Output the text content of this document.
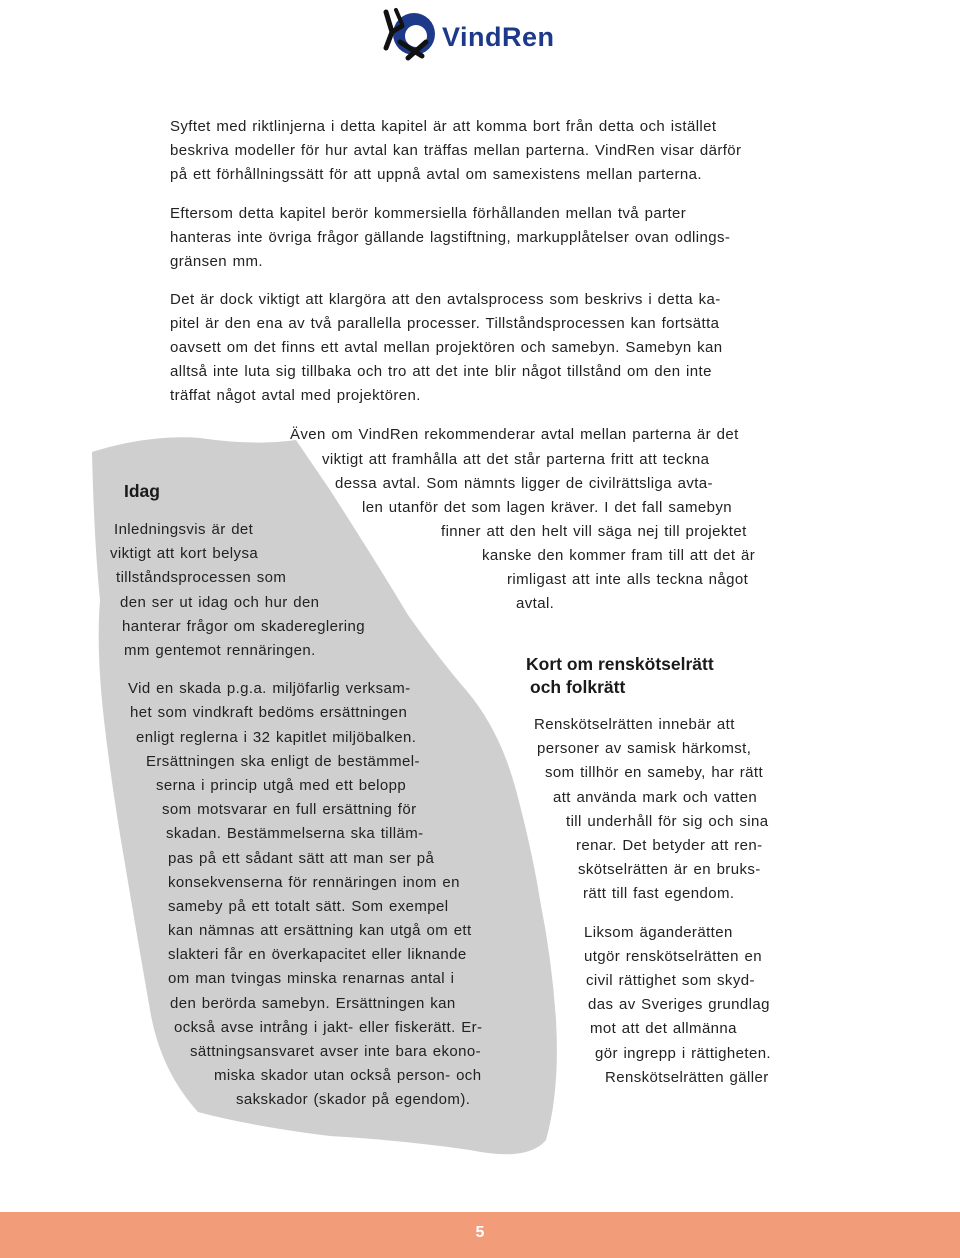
VindRen
Syftet med riktlinjerna i detta kapitel är att komma bort från detta och istället
beskriva modeller för hur avtal kan träffas mellan parterna. VindRen visar därför
på ett förhållningssätt för att uppnå avtal om samexistens mellan parterna.
Eftersom detta kapitel berör kommersiella förhållanden mellan två parter
hanteras inte övriga frågor gällande lagstiftning, markupplåtelser ovan odlings-
gränsen mm.
Det är dock viktigt att klargöra att den avtalsprocess som beskrivs i detta ka-
pitel är den ena av två parallella processer. Tillståndsprocessen kan fortsätta
oavsett om det finns ett avtal mellan projektören och samebyn. Samebyn kan
alltså inte luta sig tillbaka och tro att det inte blir något tillstånd om den inte
träffat något avtal med projektören.
Även om VindRen rekommenderar avtal mellan parterna är det
viktigt att framhålla att det står parterna fritt att teckna
dessa avtal. Som nämnts ligger de civilrättsliga avta-
len utanför det som lagen kräver. I det fall samebyn
finner att den helt vill säga nej till projektet
kanske den kommer fram till att det är
rimligast att inte alls teckna något
avtal.
Idag
Inledningsvis är det
viktigt att kort belysa
tillståndsprocessen som
den ser ut idag och hur den
hanterar frågor om skadereglering
mm gentemot rennäringen.
Vid en skada p.g.a. miljöfarlig verksam-
het som vindkraft bedöms ersättningen
enligt reglerna i 32 kapitlet miljöbalken.
Ersättningen ska enligt de bestämmel-
serna i princip utgå med ett belopp
som motsvarar en full ersättning för
skadan. Bestämmelserna ska tilläm-
pas på ett sådant sätt att man ser på
konsekvenserna för rennäringen inom en
sameby på ett totalt sätt. Som exempel
kan nämnas att ersättning kan utgå om ett
slakteri får en överkapacitet eller liknande
om man tvingas minska renarnas antal i
den berörda samebyn. Ersättningen kan
också avse intrång i jakt- eller fiskerätt. Er-
sättningsansvaret avser inte bara ekono-
miska skador utan också person- och
sakskador (skador på egendom).
Kort om renskötselrätt
och folkrätt
Renskötselrätten innebär att
personer av samisk härkomst,
som tillhör en sameby, har rätt
att använda mark och vatten
till underhåll för sig och sina
renar. Det betyder att ren-
skötselrätten är en bruks-
rätt till fast egendom.
Liksom äganderätten
utgör renskötselrätten en
civil rättighet som skyd-
das av Sveriges grundlag
mot att det allmänna
gör ingrepp i rättigheten.
Renskötselrätten gäller
5
